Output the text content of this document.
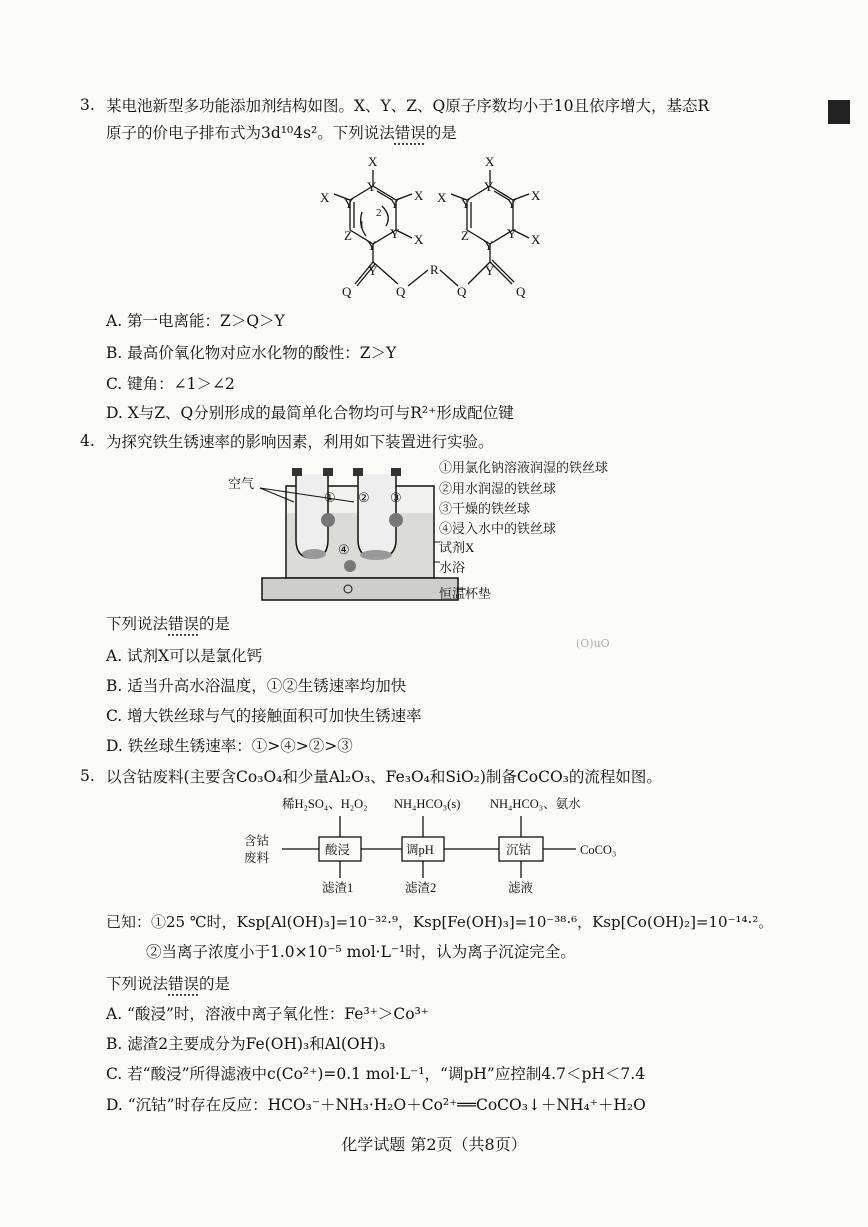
3. 某电池新型多功能添加剂结构如图。X、Y、Z、Q原子序数均小于10且依序增大，基态R
原子的价电子排布式为3d¹⁰4s²。下列说法错误的是
X
Y
X Y	Y
X
Z	Y X
Y
Y
Q	Q
R
Q
1
2
X
Y
X Y	Y
X
Z	Y X
Y
Y
Q
A. 第一电离能：Z＞Q＞Y
B. 最高价氧化物对应水化物的酸性：Z＞Y
C. 键角：∠1＞∠2
D. X与Z、Q分别形成的最简单化合物均可与R²⁺形成配位键
4. 为探究铁生锈速率的影响因素，利用如下装置进行实验。
空气
① ② ③
④
①用氯化钠溶液润湿的铁丝球
②用水润湿的铁丝球
③干燥的铁丝球
④浸入水中的铁丝球
试剂X
水浴
恒温杯垫
下列说法错误的是
(O)uO
A. 试剂X可以是氯化钙
B. 适当升高水浴温度，①②生锈速率均加快
C. 增大铁丝球与气的接触面积可加快生锈速率
D. 铁丝球生锈速率：①>④>②>③
5. 以含钴废料(主要含Co₃O₄和少量Al₂O₃、Fe₃O₄和SiO₂)制备CoCO₃的流程如图。
稀H₂SO₄、H₂O₂ NH₄HCO₃(s) NH₄HCO₃、氨水
含钴
废料
酸浸	调pH	沉钴	CoCO₃
滤渣1	滤渣2	滤液
已知：①25 ℃时，Ksp[Al(OH)₃]=10⁻³²·⁹，Ksp[Fe(OH)₃]=10⁻³⁸·⁶，Ksp[Co(OH)₂]=10⁻¹⁴·²。
②当离子浓度小于1.0×10⁻⁵ mol·L⁻¹时，认为离子沉淀完全。
下列说法错误的是
A. “酸浸”时，溶液中离子氧化性：Fe³⁺＞Co³⁺
B. 滤渣2主要成分为Fe(OH)₃和Al(OH)₃
C. 若“酸浸”所得滤液中c(Co²⁺)=0.1 mol·L⁻¹，“调pH”应控制4.7＜pH＜7.4
D. “沉钴”时存在反应：HCO₃⁻＋NH₃·H₂O＋Co²⁺══CoCO₃↓＋NH₄⁺＋H₂O
化学试题 第2页（共8页）
